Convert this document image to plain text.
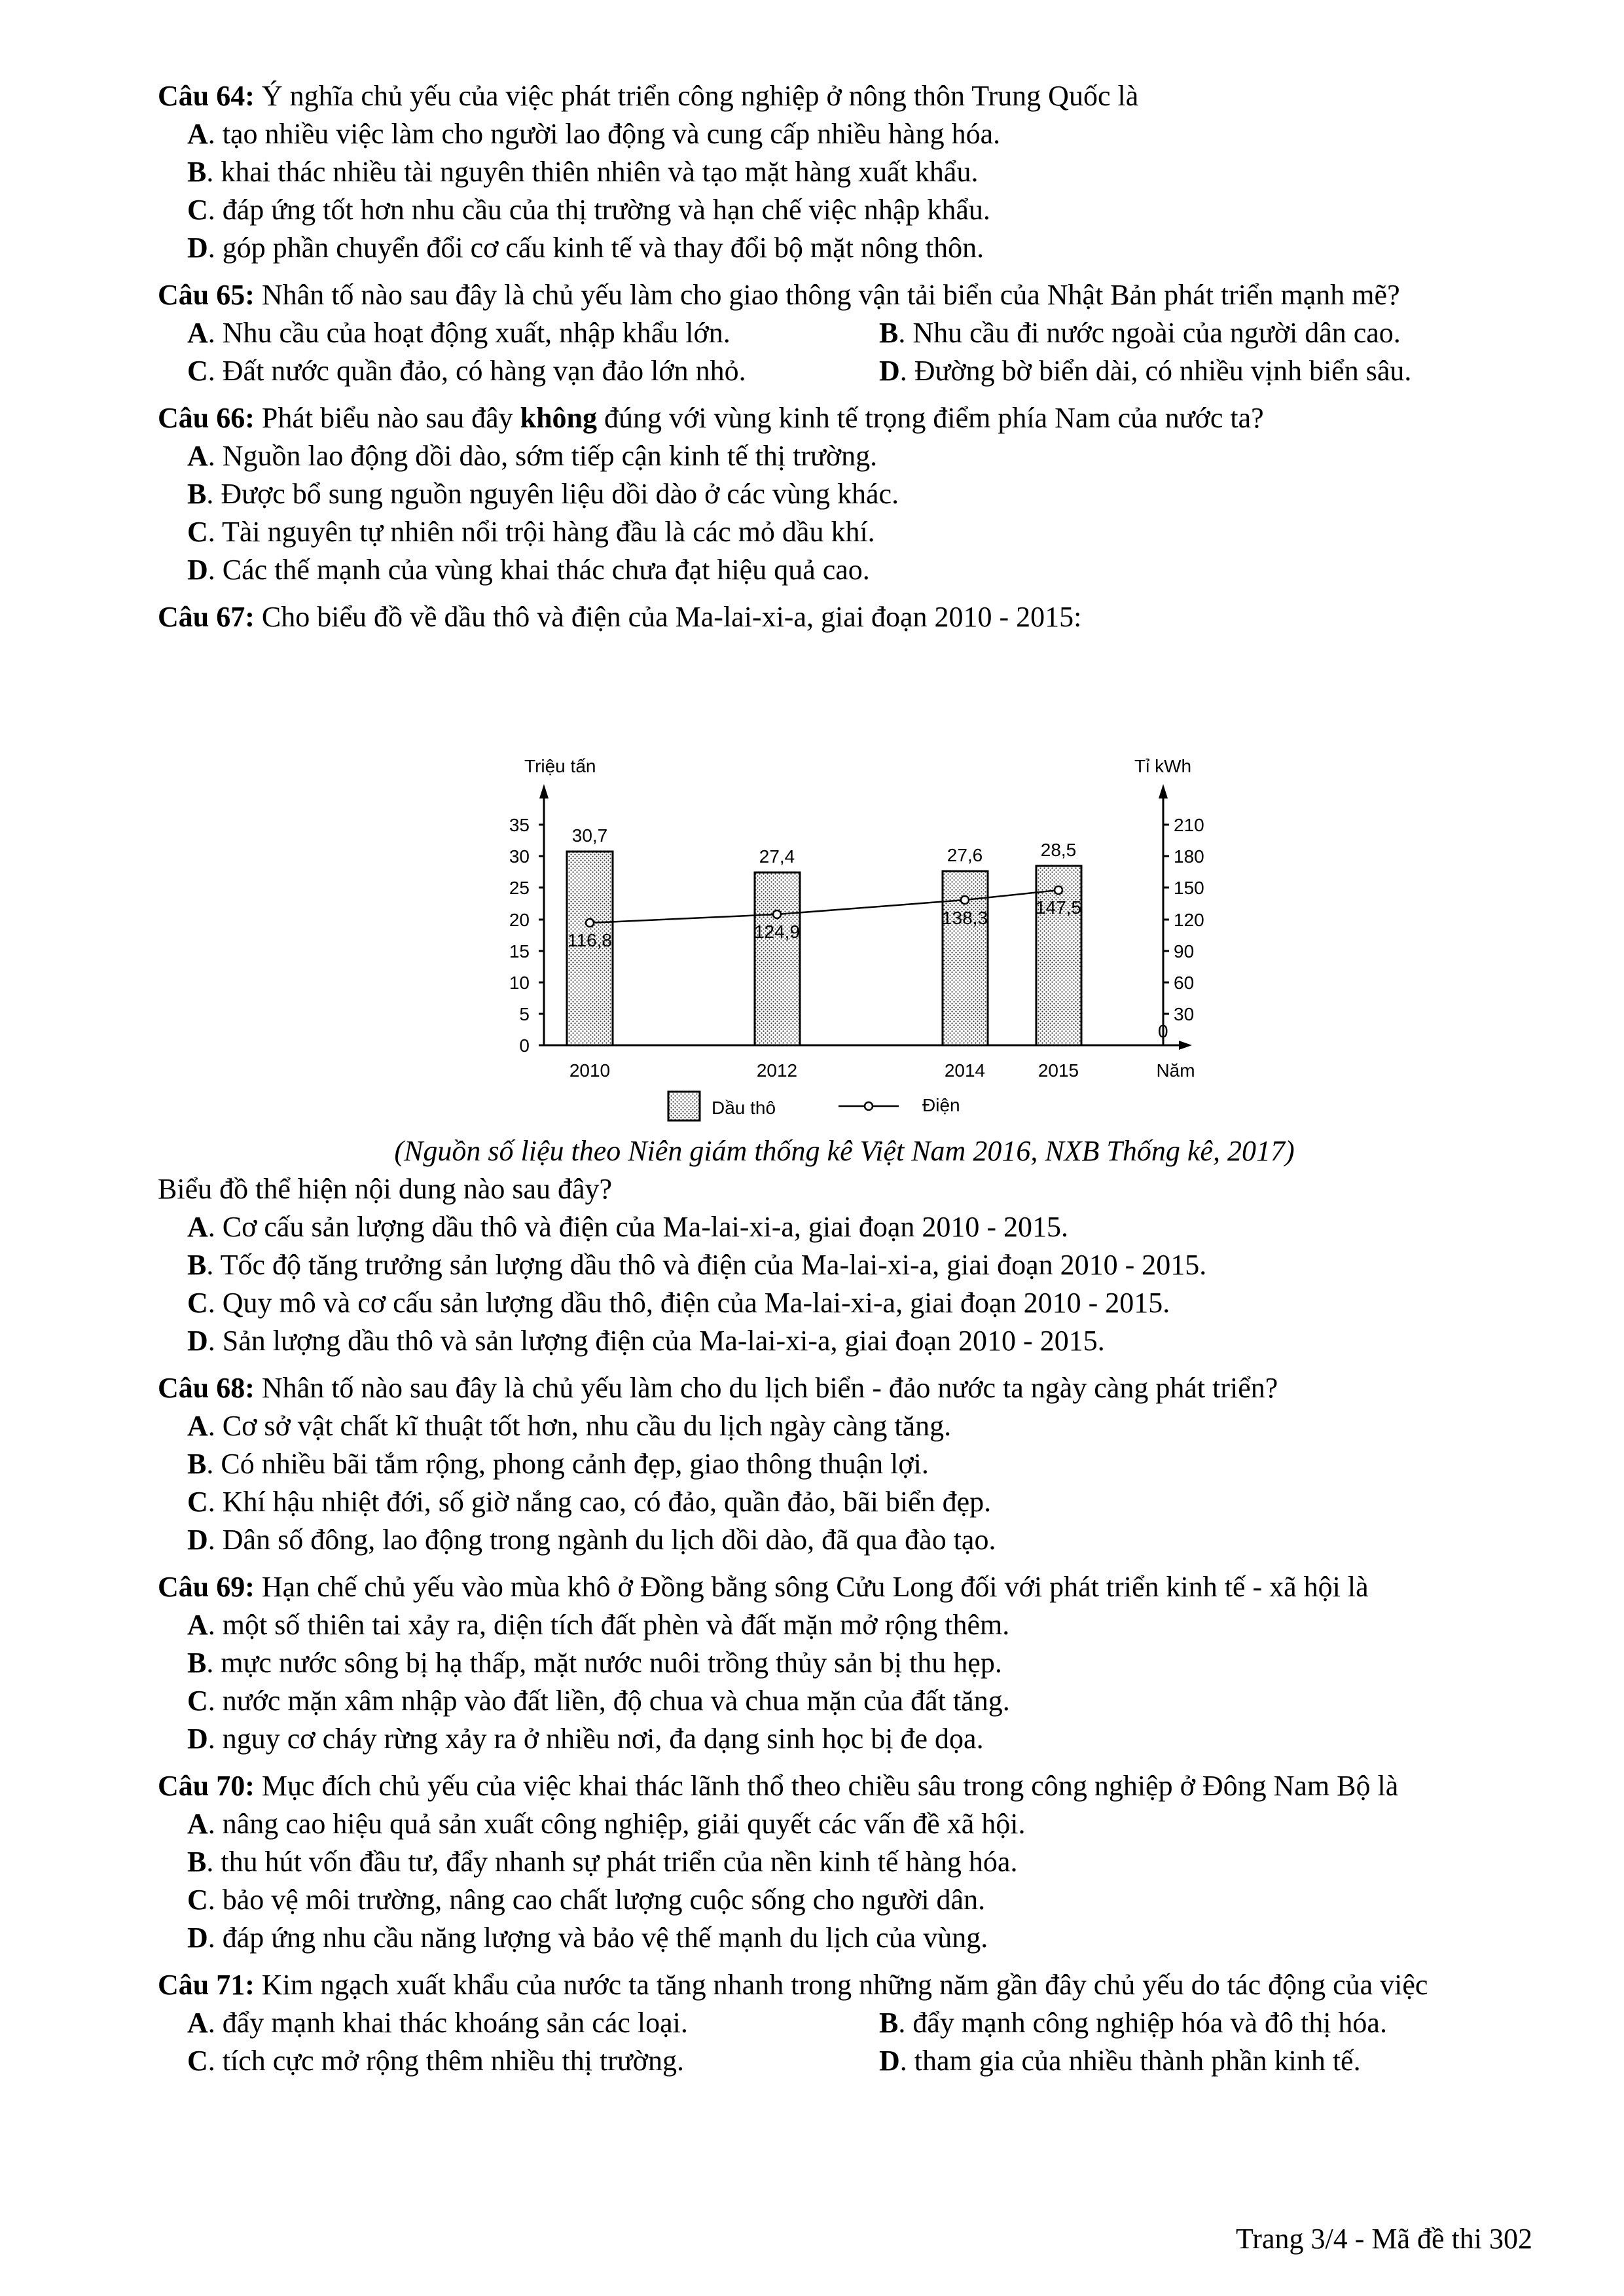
Câu 64: Ý nghĩa chủ yếu của việc phát triển công nghiệp ở nông thôn Trung Quốc là
A. tạo nhiều việc làm cho người lao động và cung cấp nhiều hàng hóa.
B. khai thác nhiều tài nguyên thiên nhiên và tạo mặt hàng xuất khẩu.
C. đáp ứng tốt hơn nhu cầu của thị trường và hạn chế việc nhập khẩu.
D. góp phần chuyển đổi cơ cấu kinh tế và thay đổi bộ mặt nông thôn.
Câu 65: Nhân tố nào sau đây là chủ yếu làm cho giao thông vận tải biển của Nhật Bản phát triển mạnh mẽ?
A. Nhu cầu của hoạt động xuất, nhập khẩu lớn.	B. Nhu cầu đi nước ngoài của người dân cao.
C. Đất nước quần đảo, có hàng vạn đảo lớn nhỏ.	D. Đường bờ biển dài, có nhiều vịnh biển sâu.
Câu 66: Phát biểu nào sau đây không đúng với vùng kinh tế trọng điểm phía Nam của nước ta?
A. Nguồn lao động dồi dào, sớm tiếp cận kinh tế thị trường.
B. Được bổ sung nguồn nguyên liệu dồi dào ở các vùng khác.
C. Tài nguyên tự nhiên nổi trội hàng đầu là các mỏ dầu khí.
D. Các thế mạnh của vùng khai thác chưa đạt hiệu quả cao.
Câu 67: Cho biểu đồ về dầu thô và điện của Ma-lai-xi-a, giai đoạn 2010 - 2015:
0
5
10
15
20
25
30
35
0
30
60
90
120
150
180
210
Triệu tấn	Tỉ kWh
30,7
27,4	27,6	28,5
116,8	124,9
138,3
147,5
2010	2012	2014	2015	Năm
Dầu thô	Điện
(Nguồn số liệu theo Niên giám thống kê Việt Nam 2016, NXB Thống kê, 2017)
Biểu đồ thể hiện nội dung nào sau đây?
A. Cơ cấu sản lượng dầu thô và điện của Ma-lai-xi-a, giai đoạn 2010 - 2015.
B. Tốc độ tăng trưởng sản lượng dầu thô và điện của Ma-lai-xi-a, giai đoạn 2010 - 2015.
C. Quy mô và cơ cấu sản lượng dầu thô, điện của Ma-lai-xi-a, giai đoạn 2010 - 2015.
D. Sản lượng dầu thô và sản lượng điện của Ma-lai-xi-a, giai đoạn 2010 - 2015.
Câu 68: Nhân tố nào sau đây là chủ yếu làm cho du lịch biển - đảo nước ta ngày càng phát triển?
A. Cơ sở vật chất kĩ thuật tốt hơn, nhu cầu du lịch ngày càng tăng.
B. Có nhiều bãi tắm rộng, phong cảnh đẹp, giao thông thuận lợi.
C. Khí hậu nhiệt đới, số giờ nắng cao, có đảo, quần đảo, bãi biển đẹp.
D. Dân số đông, lao động trong ngành du lịch dồi dào, đã qua đào tạo.
Câu 69: Hạn chế chủ yếu vào mùa khô ở Đồng bằng sông Cửu Long đối với phát triển kinh tế - xã hội là
A. một số thiên tai xảy ra, diện tích đất phèn và đất mặn mở rộng thêm.
B. mực nước sông bị hạ thấp, mặt nước nuôi trồng thủy sản bị thu hẹp.
C. nước mặn xâm nhập vào đất liền, độ chua và chua mặn của đất tăng.
D. nguy cơ cháy rừng xảy ra ở nhiều nơi, đa dạng sinh học bị đe dọa.
Câu 70: Mục đích chủ yếu của việc khai thác lãnh thổ theo chiều sâu trong công nghiệp ở Đông Nam Bộ là
A. nâng cao hiệu quả sản xuất công nghiệp, giải quyết các vấn đề xã hội.
B. thu hút vốn đầu tư, đẩy nhanh sự phát triển của nền kinh tế hàng hóa.
C. bảo vệ môi trường, nâng cao chất lượng cuộc sống cho người dân.
D. đáp ứng nhu cầu năng lượng và bảo vệ thế mạnh du lịch của vùng.
Câu 71: Kim ngạch xuất khẩu của nước ta tăng nhanh trong những năm gần đây chủ yếu do tác động của việc
A. đẩy mạnh khai thác khoáng sản các loại.	B. đẩy mạnh công nghiệp hóa và đô thị hóa.
C. tích cực mở rộng thêm nhiều thị trường.	D. tham gia của nhiều thành phần kinh tế.
Trang 3/4 - Mã đề thi 302
